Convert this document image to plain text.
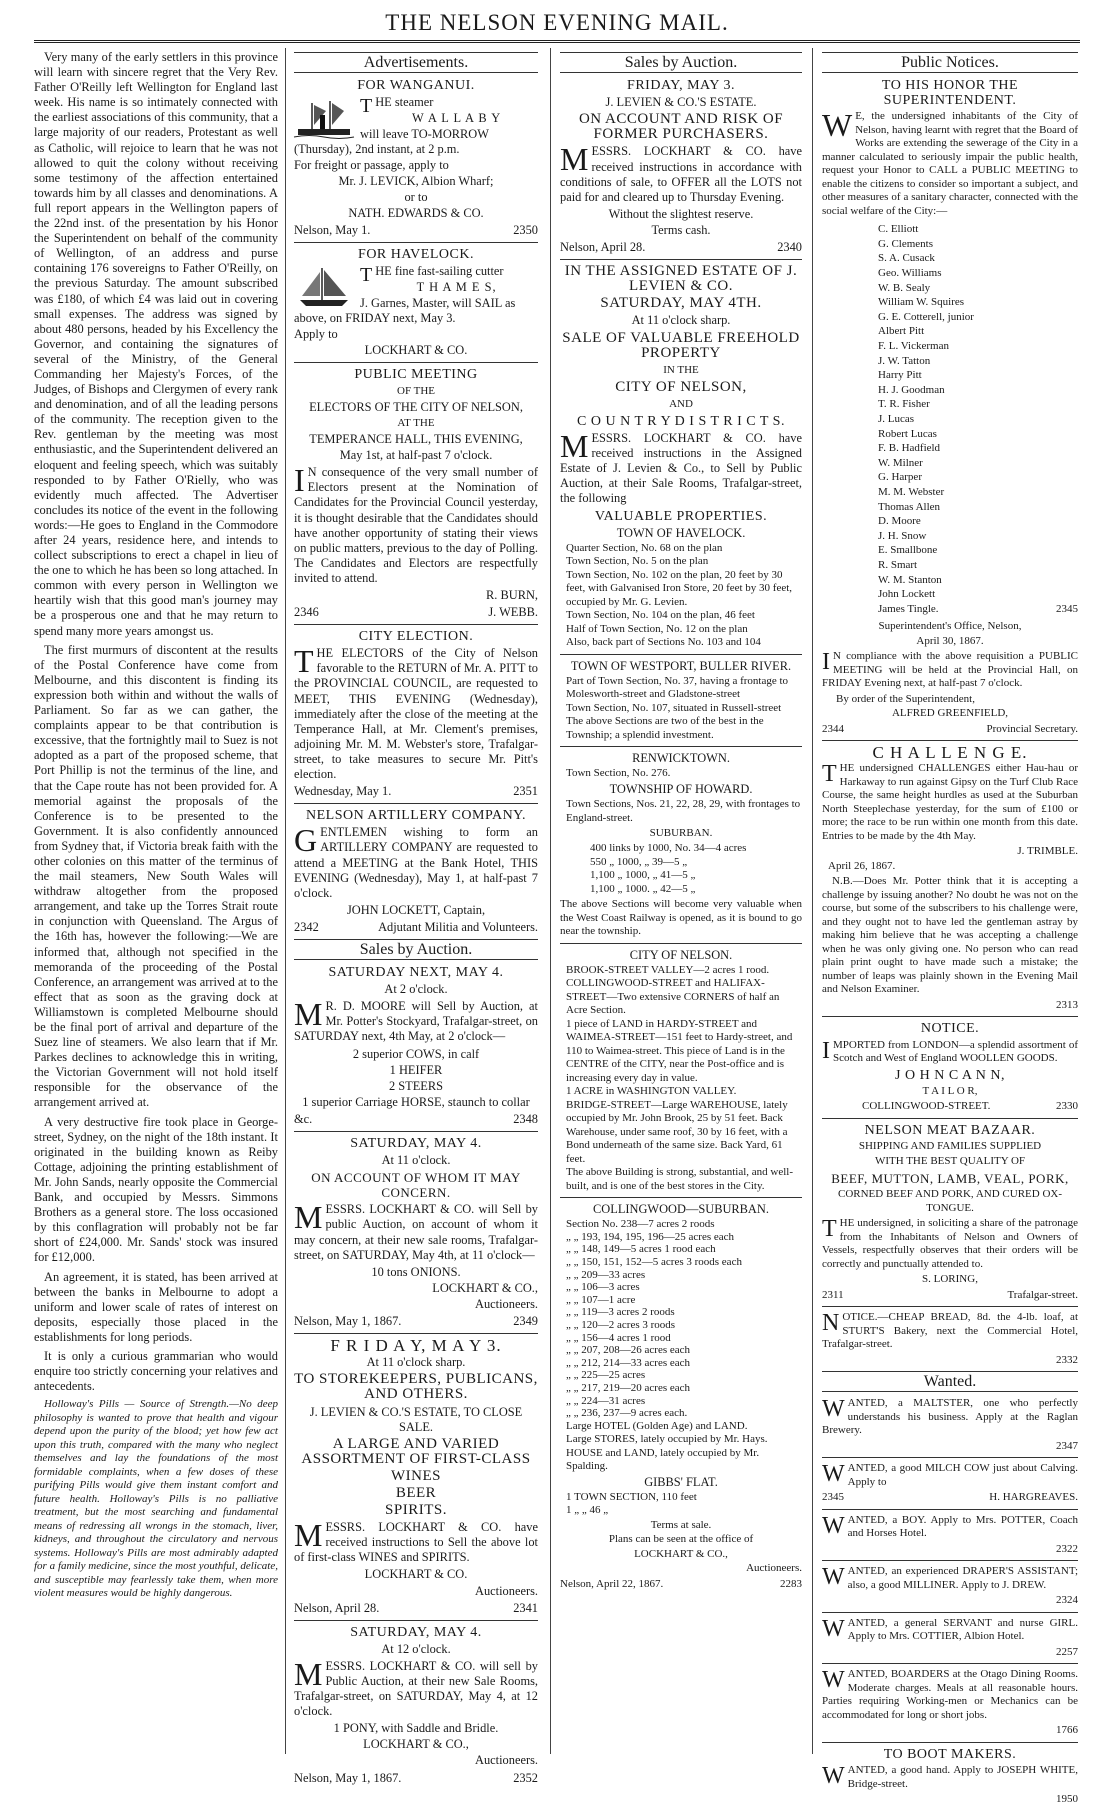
THE NELSON EVENING MAIL.

Very many of the early settlers in this province will learn with sincere regret that the Very Rev. Father O'Reilly left Wellington for England last week. His name is so intimately connected with the earliest associations of this community, that a large majority of our readers, Protestant as well as Catholic, will rejoice to learn that he was not allowed to quit the colony without receiving some testimony of the affection entertained towards him by all classes and denominations. A full report appears in the Wellington papers of the 22nd inst. of the presentation by his Honor the Superintendent on behalf of the community of Wellington, of an address and purse containing 176 sovereigns to Father O'Reilly, on the previous Saturday. The amount subscribed was £180, of which £4 was laid out in covering small expenses. The address was signed by about 480 persons, headed by his Excellency the Governor, and containing the signatures of several of the Ministry, of the General Commanding her Majesty's Forces, of the Judges, of Bishops and Clergymen of every rank and denomination, and of all the leading persons of the community. The reception given to the Rev. gentleman by the meeting was most enthusiastic, and the Superintendent delivered an eloquent and feeling speech, which was suitably responded to by Father O'Rielly, who was evidently much affected. The Advertiser concludes its notice of the event in the following words:—He goes to England in the Commodore after 24 years, residence here, and intends to collect subscriptions to erect a chapel in lieu of the one to which he has been so long attached. In common with every person in Wellington we heartily wish that this good man's journey may be a prosperous one and that he may return to spend many more years amongst us.

The first murmurs of discontent at the results of the Postal Conference have come from Melbourne, and this discontent is finding its expression both within and without the walls of Parliament. So far as we can gather, the complaints appear to be that contribution is excessive, that the fortnightly mail to Suez is not adopted as a part of the proposed scheme, that Port Phillip is not the terminus of the line, and that the Cape route has not been provided for. A memorial against the proposals of the Conference is to be presented to the Government. It is also confidently announced from Sydney that, if Victoria break faith with the other colonies on this matter of the terminus of the mail steamers, New South Wales will withdraw altogether from the proposed arrangement, and take up the Torres Strait route in conjunction with Queensland. The Argus of the 16th has, however the following:—We are informed that, although not specified in the memoranda of the proceeding of the Postal Conference, an arrangement was arrived at to the effect that as soon as the graving dock at Williamstown is completed Melbourne should be the final port of arrival and departure of the Suez line of steamers. We also learn that if Mr. Parkes declines to acknowledge this in writing, the Victorian Government will not hold itself responsible for the observance of the arrangement arrived at.

A very destructive fire took place in George-street, Sydney, on the night of the 18th instant. It originated in the building known as Reiby Cottage, adjoining the printing establishment of Mr. John Sands, nearly opposite the Commercial Bank, and occupied by Messrs. Simmons Brothers as a general store. The loss occasioned by this conflagration will probably not be far short of £24,000. Mr. Sands' stock was insured for £12,000.

An agreement, it is stated, has been arrived at between the banks in Melbourne to adopt a uniform and lower scale of rates of interest on deposits, especially those placed in the establishments for long periods.

It is only a curious grammarian who would enquire too strictly concerning your relatives and antecedents.

Holloway's Pills — Source of Strength.—No deep philosophy is wanted to prove that health and vigour depend upon the purity of the blood; yet how few act upon this truth, compared with the many who neglect themselves and lay the foundations of the most formidable complaints, when a few doses of these purifying Pills would give them instant comfort and future health. Holloway's Pills is no palliative treatment, but the most searching and fundamental means of redressing all wrongs in the stomach, liver, kidneys, and throughout the circulatory and nervous systems. Holloway's Pills are most admirably adapted for a family medicine, since the most youthful, delicate, and susceptible may fearlessly take them, when more violent measures would be highly dangerous.

Advertisements.
FOR WANGANUI.
THE steamer
W A L L A B Y
will leave TO-MORROW (Thursday), 2nd instant, at 2 p.m.
For freight or passage, apply to
Mr. J. LEVICK, Albion Wharf;
or to
NATH. EDWARDS & CO.
Nelson, May 1.	2350
FOR HAVELOCK.
THE fine fast-sailing cutter
T H A M E S,
J. Garnes, Master, will SAIL as above, on FRIDAY next, May 3.
Apply to
LOCKHART & CO.
PUBLIC MEETING
OF THE
ELECTORS OF THE CITY OF NELSON,
AT THE
TEMPERANCE HALL, THIS EVENING,
May 1st, at half-past 7 o'clock.
I N consequence of the very small number of Electors present at the Nomination of Candidates for the Provincial Council yesterday, it is thought desirable that the Candidates should have another opportunity of stating their views on public matters, previous to the day of Polling. The Candidates and Electors are respectfully invited to attend.
R. BURN,
2346	J. WEBB.
CITY ELECTION.
THE ELECTORS of the City of Nelson favorable to the RETURN of Mr. A. PITT to the PROVINCIAL COUNCIL, are requested to MEET, THIS EVENING (Wednesday), immediately after the close of the meeting at the Temperance Hall, at Mr. Clement's premises, adjoining Mr. M. M. Webster's store, Trafalgar-street, to take measures to secure Mr. Pitt's election.
Wednesday, May 1.	2351
NELSON ARTILLERY COMPANY.
GENTLEMEN wishing to form an ARTILLERY COMPANY are requested to attend a MEETING at the Bank Hotel, THIS EVENING (Wednesday), May 1, at half-past 7 o'clock.
JOHN LOCKETT, Captain,
2342	Adjutant Militia and Volunteers.
Sales by Auction.
SATURDAY NEXT, MAY 4.
At 2 o'clock.
M R. D. MOORE will Sell by Auction, at Mr. Potter's Stockyard, Trafalgar-street, on SATURDAY next, 4th May, at 2 o'clock—
2 superior COWS, in calf
1 HEIFER
2 STEERS
1 superior Carriage HORSE, staunch to collar
&c.	2348
SATURDAY, MAY 4.
At 11 o'clock.
ON ACCOUNT OF WHOM IT MAY CONCERN.
MESSRS. LOCKHART & CO. will Sell by public Auction, on account of whom it may concern, at their new sale rooms, Trafalgar-street, on SATURDAY, May 4th, at 11 o'clock—
10 tons ONIONS.
LOCKHART & CO.,
Auctioneers.
Nelson, May 1, 1867.	2349
F R I D A Y, M A Y 3.
At 11 o'clock sharp.
TO STOREKEEPERS, PUBLICANS, AND OTHERS.
J. LEVIEN & CO.'S ESTATE, TO CLOSE SALE.
A LARGE AND VARIED ASSORTMENT OF FIRST-CLASS
WINES
BEER
SPIRITS.
MESSRS. LOCKHART & CO. have received instructions to Sell the above lot of first-class WINES and SPIRITS.
LOCKHART & CO.
Auctioneers.
Nelson, April 28.	2341
SATURDAY, MAY 4.
At 12 o'clock.
MESSRS. LOCKHART & CO. will sell by Public Auction, at their new Sale Rooms, Trafalgar-street, on SATURDAY, May 4, at 12 o'clock.
1 PONY, with Saddle and Bridle.
LOCKHART & CO.,
Auctioneers.
Nelson, May 1, 1867.	2352
Sales by Auction.
FRIDAY, MAY 3.
J. LEVIEN & CO.'S ESTATE.
ON ACCOUNT AND RISK OF FORMER PURCHASERS.
MESSRS. LOCKHART & CO. have received instructions in accordance with conditions of sale, to OFFER all the LOTS not paid for and cleared up to Thursday Evening.
Without the slightest reserve.
Terms cash.
Nelson, April 28.	2340
IN THE ASSIGNED ESTATE OF J. LEVIEN & CO.
SATURDAY, MAY 4TH.
At 11 o'clock sharp.
SALE OF VALUABLE FREEHOLD PROPERTY
IN THE
CITY OF NELSON,
AND
C O U N T R Y D I S T R I C T S.
MESSRS. LOCKHART & CO. have received instructions in the Assigned Estate of J. Levien & Co., to Sell by Public Auction, at their Sale Rooms, Trafalgar-street, the following
VALUABLE PROPERTIES.
TOWN OF HAVELOCK.
Quarter Section, No. 68 on the plan
Town Section, No. 5 on the plan
Town Section, No. 102 on the plan, 20 feet by 30 feet, with Galvanised Iron Store, 20 feet by 30 feet, occupied by Mr. G. Levien.
Town Section, No. 104 on the plan, 46 feet
Half of Town Section, No. 12 on the plan
Also, back part of Sections No. 103 and 104
TOWN OF WESTPORT, BULLER RIVER.
Part of Town Section, No. 37, having a frontage to Molesworth-street and Gladstone-street
Town Section, No. 107, situated in Russell-street
The above Sections are two of the best in the Township; a splendid investment.
RENWICKTOWN.
Town Section, No. 276.
TOWNSHIP OF HOWARD.
Town Sections, Nos. 21, 22, 28, 29, with frontages to England-street.
SUBURBAN.
400 links by 1000, No. 34—4 acres
550 „ 1000, „ 39—5 „
1,100 „ 1000, „ 41—5 „
1,100 „ 1000. „ 42—5 „
The above Sections will become very valuable when the West Coast Railway is opened, as it is bound to go near the township.
CITY OF NELSON.
BROOK-STREET VALLEY—2 acres 1 rood.
COLLINGWOOD-STREET and HALIFAX-STREET—Two extensive CORNERS of half an Acre Section.
1 piece of LAND in HARDY-STREET and WAIMEA-STREET—151 feet to Hardy-street, and 110 to Waimea-street. This piece of Land is in the CENTRE of the CITY, near the Post-office and is increasing every day in value.
1 ACRE in WASHINGTON VALLEY.
BRIDGE-STREET—Large WAREHOUSE, lately occupied by Mr. John Brook, 25 by 51 feet. Back Warehouse, under same roof, 30 by 16 feet, with a Bond underneath of the same size. Back Yard, 61 feet.
The above Building is strong, substantial, and well-built, and is one of the best stores in the City.
COLLINGWOOD—SUBURBAN.
Section No. 238—7 acres 2 roods
„ „ 193, 194, 195, 196—25 acres each
„ „ 148, 149—5 acres 1 rood each
„ „ 150, 151, 152—5 acres 3 roods each
„ „ 209—33 acres
„ „ 106—3 acres
„ „ 107—1 acre
„ „ 119—3 acres 2 roods
„ „ 120—2 acres 3 roods
„ „ 156—4 acres 1 rood
„ „ 207, 208—26 acres each
„ „ 212, 214—33 acres each
„ „ 225—25 acres
„ „ 217, 219—20 acres each
„ „ 224—31 acres
„ „ 236, 237—9 acres each.
Large HOTEL (Golden Age) and LAND.
Large STORES, lately occupied by Mr. Hays.
HOUSE and LAND, lately occupied by Mr. Spalding.
GIBBS' FLAT.
1 TOWN SECTION, 110 feet
1 „ „ 46 „
Terms at sale.
Plans can be seen at the office of
LOCKHART & CO.,
Auctioneers.
Nelson, April 22, 1867.	2283
Public Notices.
TO HIS HONOR THE SUPERINTENDENT.
W E, the undersigned inhabitants of the City of Nelson, having learnt with regret that the Board of Works are extending the sewerage of the City in a manner calculated to seriously impair the public health, request your Honor to CALL a PUBLIC MEETING to enable the citizens to consider so important a subject, and other measures of a sanitary character, connected with the social welfare of the City:—
C. Elliott
G. Clements
S. A. Cusack
Geo. Williams
W. B. Sealy
William W. Squires
G. E. Cotterell, junior
Albert Pitt
F. L. Vickerman
J. W. Tatton
Harry Pitt
H. J. Goodman
T. R. Fisher
J. Lucas
Robert Lucas
F. B. Hadfield
W. Milner
G. Harper
M. M. Webster
Thomas Allen
D. Moore
J. H. Snow
E. Smallbone
R. Smart
W. M. Stanton
John Lockett
James Tingle.	2345
Superintendent's Office, Nelson,
April 30, 1867.
I N compliance with the above requisition a PUBLIC MEETING will be held at the Provincial Hall, on FRIDAY Evening next, at half-past 7 o'clock.
By order of the Superintendent,
ALFRED GREENFIELD,
2344	Provincial Secretary.
C H A L L E N G E.
THE undersigned CHALLENGES either Hau-hau or Harkaway to run against Gipsy on the Turf Club Race Course, the same height hurdles as used at the Suburban North Steeplechase yesterday, for the sum of £100 or more; the race to be run within one month from this date. Entries to be made by the 4th May.
J. TRIMBLE.
April 26, 1867.
N.B.—Does Mr. Potter think that it is accepting a challenge by issuing another? No doubt he was not on the course, but some of the subscribers to his challenge were, and they ought not to have led the gentleman astray by making him believe that he was accepting a challenge when he was only giving one. No person who can read plain print ought to have made such a mistake; the number of leaps was plainly shown in the Evening Mail and Nelson Examiner.
2313
NOTICE.
IMPORTED from LONDON—a splendid assortment of Scotch and West of England WOOLLEN GOODS.
J O H N C A N N,
T A I L O R,
COLLINGWOOD-STREET.	2330
NELSON MEAT BAZAAR.
SHIPPING AND FAMILIES SUPPLIED
WITH THE BEST QUALITY OF
BEEF, MUTTON, LAMB, VEAL, PORK,
CORNED BEEF AND PORK, AND CURED OX-TONGUE.
THE undersigned, in soliciting a share of the patronage from the Inhabitants of Nelson and Owners of Vessels, respectfully observes that their orders will be correctly and punctually attended to.
S. LORING,
2311	Trafalgar-street.
NOTICE.—CHEAP BREAD, 8d. the 4-lb. loaf, at STURT'S Bakery, next the Commercial Hotel, Trafalgar-street.
2332
Wanted.
WANTED, a MALTSTER, one who perfectly understands his business. Apply at the Raglan Brewery.
2347
WANTED, a good MILCH COW just about Calving. Apply to
2345	H. HARGREAVES.
WANTED, a BOY. Apply to Mrs. POTTER, Coach and Horses Hotel.
2322
WANTED, an experienced DRAPER'S ASSISTANT; also, a good MILLINER. Apply to J. DREW.
2324
WANTED, a general SERVANT and nurse GIRL. Apply to Mrs. COTTIER, Albion Hotel.
2257
WANTED, BOARDERS at the Otago Dining Rooms. Moderate charges. Meals at all reasonable hours. Parties requiring Working-men or Mechanics can be accommodated for long or short jobs.
1766
TO BOOT MAKERS.
WANTED, a good hand. Apply to JOSEPH WHITE, Bridge-street.
1950
